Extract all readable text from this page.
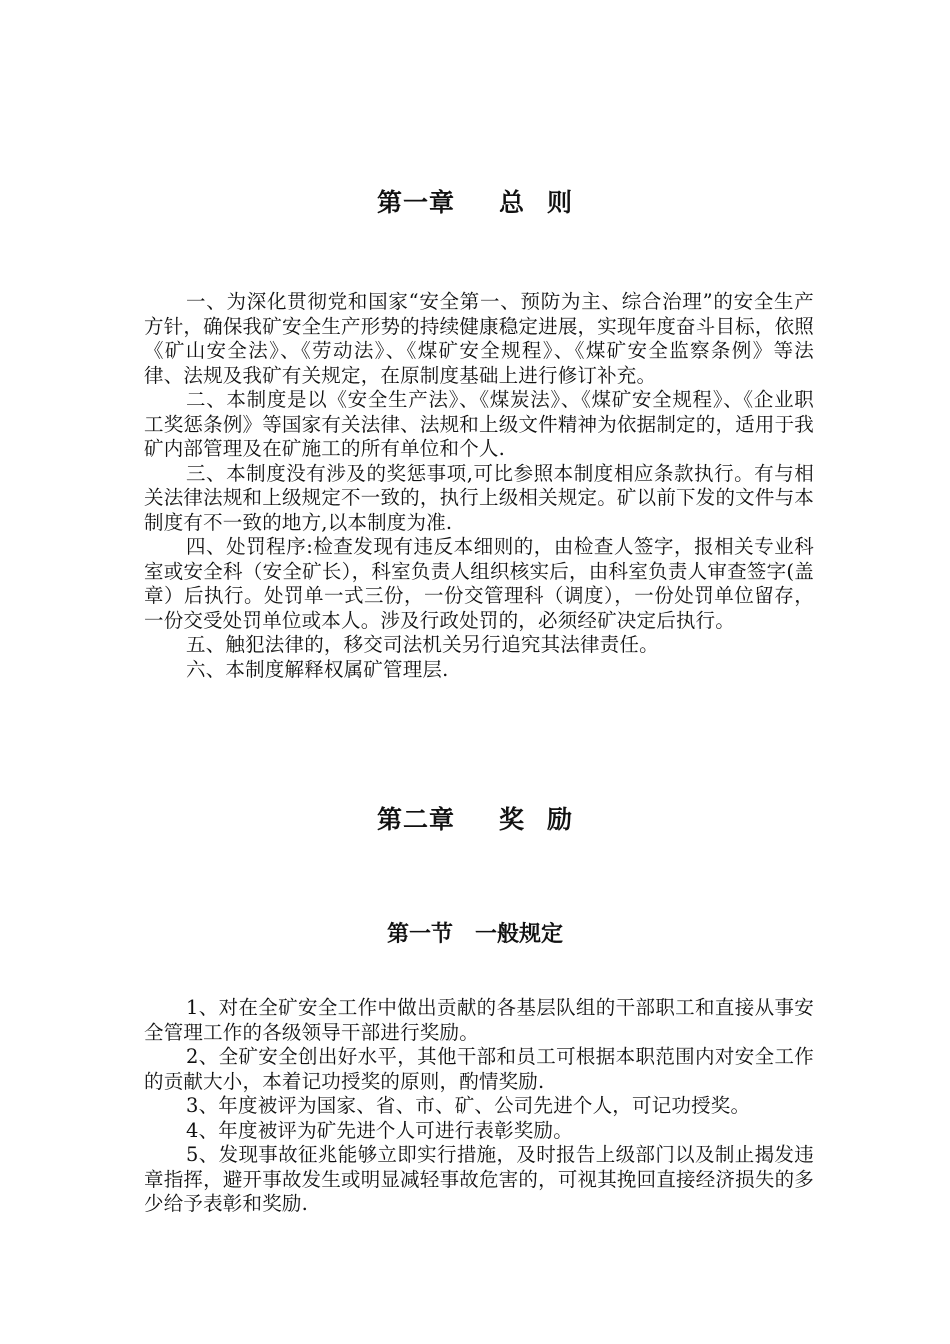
第一章 总 则

一、为深化贯彻党和国家“安全第一、预防为主、综合治理”的安全生产方针，确保我矿安全生产形势的持续健康稳定进展，实现年度奋斗目标，依照《矿山安全法》、《劳动法》、《煤矿安全规程》、《煤矿安全监察条例》等法律、法规及我矿有关规定，在原制度基础上进行修订补充。

二、本制度是以《安全生产法》、《煤炭法》、《煤矿安全规程》、《企业职工奖惩条例》等国家有关法律、法规和上级文件精神为依据制定的，适用于我矿内部管理及在矿施工的所有单位和个人.

三、本制度没有涉及的奖惩事项,可比参照本制度相应条款执行。有与相关法律法规和上级规定不一致的，执行上级相关规定。矿以前下发的文件与本制度有不一致的地方,以本制度为准.

四、处罚程序:检查发现有违反本细则的，由检查人签字，报相关专业科室或安全科（安全矿长），科室负责人组织核实后，由科室负责人审查签字(盖章）后执行。处罚单一式三份，一份交管理科（调度），一份处罚单位留存，一份交受处罚单位或本人。涉及行政处罚的，必须经矿决定后执行。

五、触犯法律的，移交司法机关另行追究其法律责任。

六、本制度解释权属矿管理层.

第二章 奖 励
第一节 一般规定

1、对在全矿安全工作中做出贡献的各基层队组的干部职工和直接从事安全管理工作的各级领导干部进行奖励。

2、全矿安全创出好水平，其他干部和员工可根据本职范围内对安全工作的贡献大小，本着记功授奖的原则，酌情奖励.

3、年度被评为国家、省、市、矿、公司先进个人，可记功授奖。

4、年度被评为矿先进个人可进行表彰奖励。

5、发现事故征兆能够立即实行措施，及时报告上级部门以及制止揭发违章指挥，避开事故发生或明显减轻事故危害的，可视其挽回直接经济损失的多少给予表彰和奖励.
